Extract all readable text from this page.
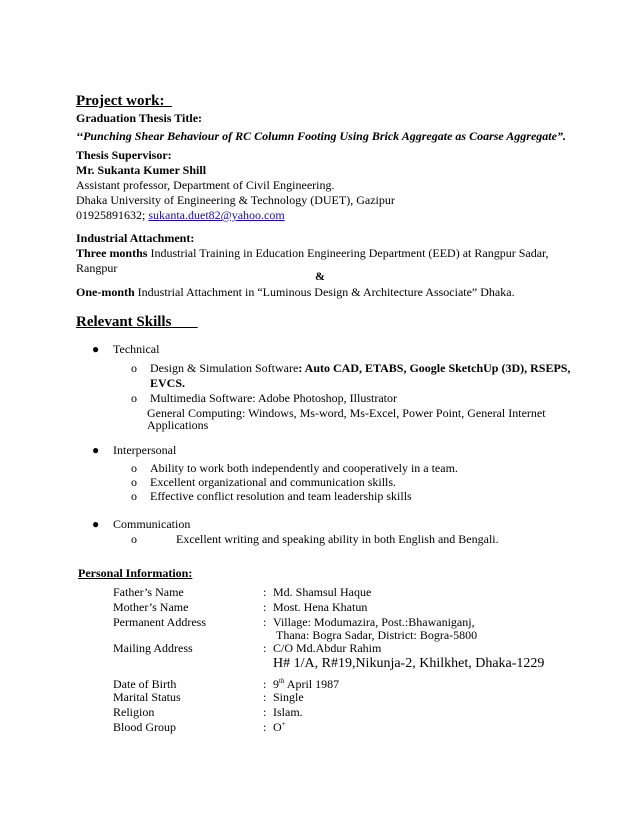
Project work:
Graduation Thesis Title:
‘‘Punching Shear Behaviour of RC Column Footing Using Brick Aggregate as Coarse Aggregate”.
Thesis Supervisor:
Mr. Sukanta Kumer Shill
Assistant professor, Department of Civil Engineering.
Dhaka University of Engineering & Technology (DUET), Gazipur
01925891632; sukanta.duet82@yahoo.com
Industrial Attachment:
Three months Industrial Training in Education Engineering Department (EED) at Rangpur Sadar,
Rangpur
&
One-month Industrial Attachment in “Luminous Design & Architecture Associate” Dhaka.
Relevant Skills
● Technical
o Design & Simulation Software: Auto CAD, ETABS, Google SketchUp (3D), RSEPS,
EVCS.
o Multimedia Software: Adobe Photoshop, Illustrator
General Computing: Windows, Ms-word, Ms-Excel, Power Point, General Internet
Applications
● Interpersonal
o Ability to work both independently and cooperatively in a team.
o Excellent organizational and communication skills.
o Effective conflict resolution and team leadership skills
● Communication
o	Excellent writing and speaking ability in both English and Bengali.
Personal Information:
Father’s Name	: Md. Shamsul Haque
Mother’s Name	: Most. Hena Khatun
Permanent Address	: Village: Modumazira, Post.:Bhawaniganj,
Thana: Bogra Sadar, District: Bogra-5800
Mailing Address	: C/O Md.Abdur Rahim
H# 1/A, R#19,Nikunja-2, Khilkhet, Dhaka-1229
Date of Birth	: 9th April 1987
Marital Status	: Single
Religion	: Islam.
Blood Group	: O+
